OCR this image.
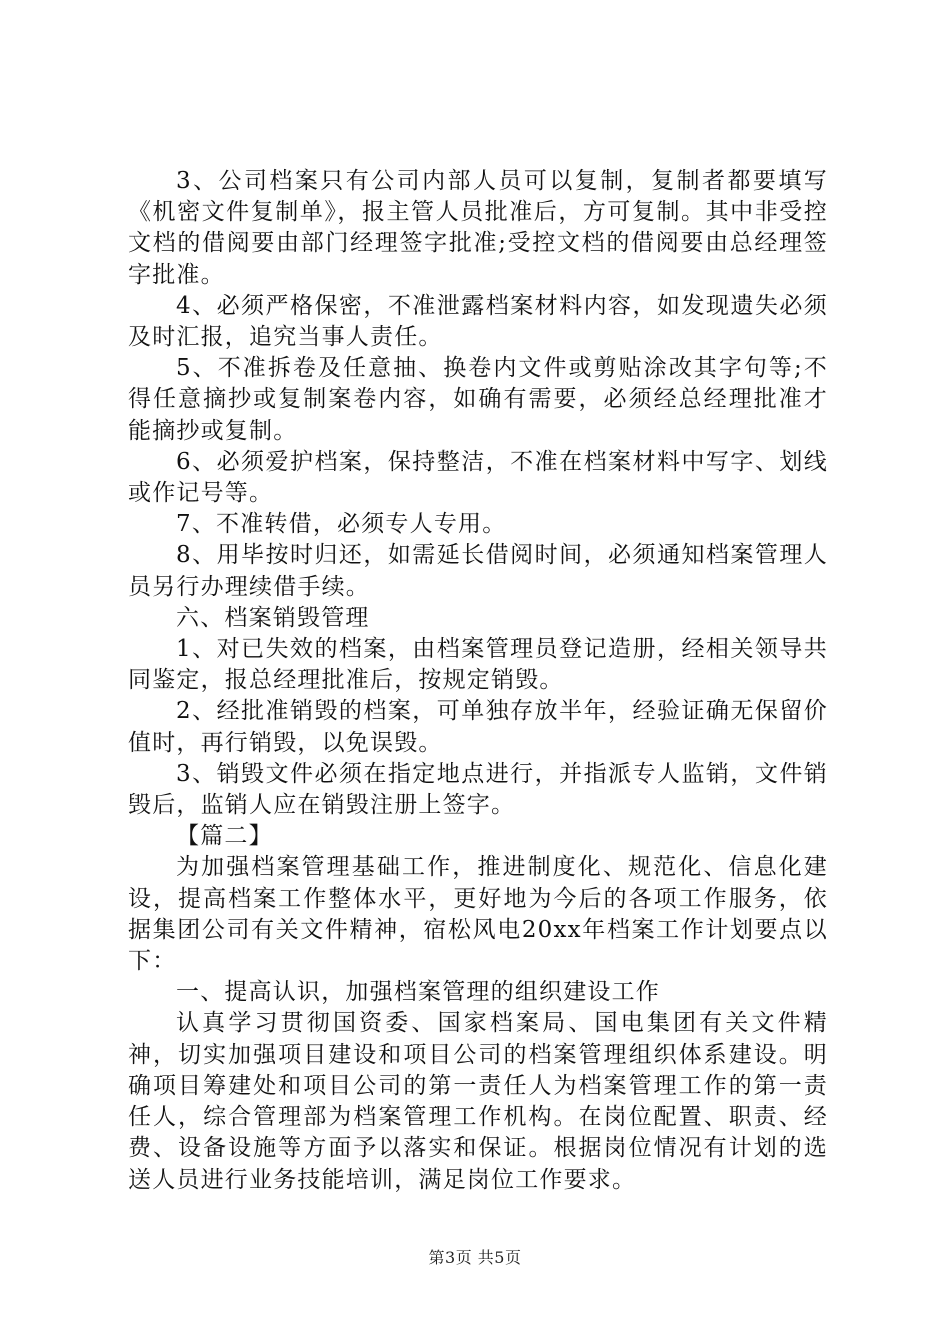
3、公司档案只有公司内部人员可以复制，复制者都要填写《机密文件复制单》，报主管人员批准后，方可复制。其中非受控文档的借阅要由部门经理签字批准;受控文档的借阅要由总经理签字批准。

4、必须严格保密，不准泄露档案材料内容，如发现遗失必须及时汇报，追究当事人责任。

5、不准拆卷及任意抽、换卷内文件或剪贴涂改其字句等;不得任意摘抄或复制案卷内容，如确有需要，必须经总经理批准才能摘抄或复制。

6、必须爱护档案，保持整洁，不准在档案材料中写字、划线或作记号等。

7、不准转借，必须专人专用。

8、用毕按时归还，如需延长借阅时间，必须通知档案管理人员另行办理续借手续。

六、档案销毁管理

1、对已失效的档案，由档案管理员登记造册，经相关领导共同鉴定，报总经理批准后，按规定销毁。

2、经批准销毁的档案，可单独存放半年，经验证确无保留价值时，再行销毁，以免误毁。

3、销毁文件必须在指定地点进行，并指派专人监销，文件销毁后，监销人应在销毁注册上签字。

【篇二】

为加强档案管理基础工作，推进制度化、规范化、信息化建设，提高档案工作整体水平，更好地为今后的各项工作服务，依据集团公司有关文件精神，宿松风电20xx年档案工作计划要点以下：

一、提高认识，加强档案管理的组织建设工作

认真学习贯彻国资委、国家档案局、国电集团有关文件精神，切实加强项目建设和项目公司的档案管理组织体系建设。明确项目筹建处和项目公司的第一责任人为档案管理工作的第一责任人，综合管理部为档案管理工作机构。在岗位配置、职责、经费、设备设施等方面予以落实和保证。根据岗位情况有计划的选送人员进行业务技能培训，满足岗位工作要求。

第3页 共5页
